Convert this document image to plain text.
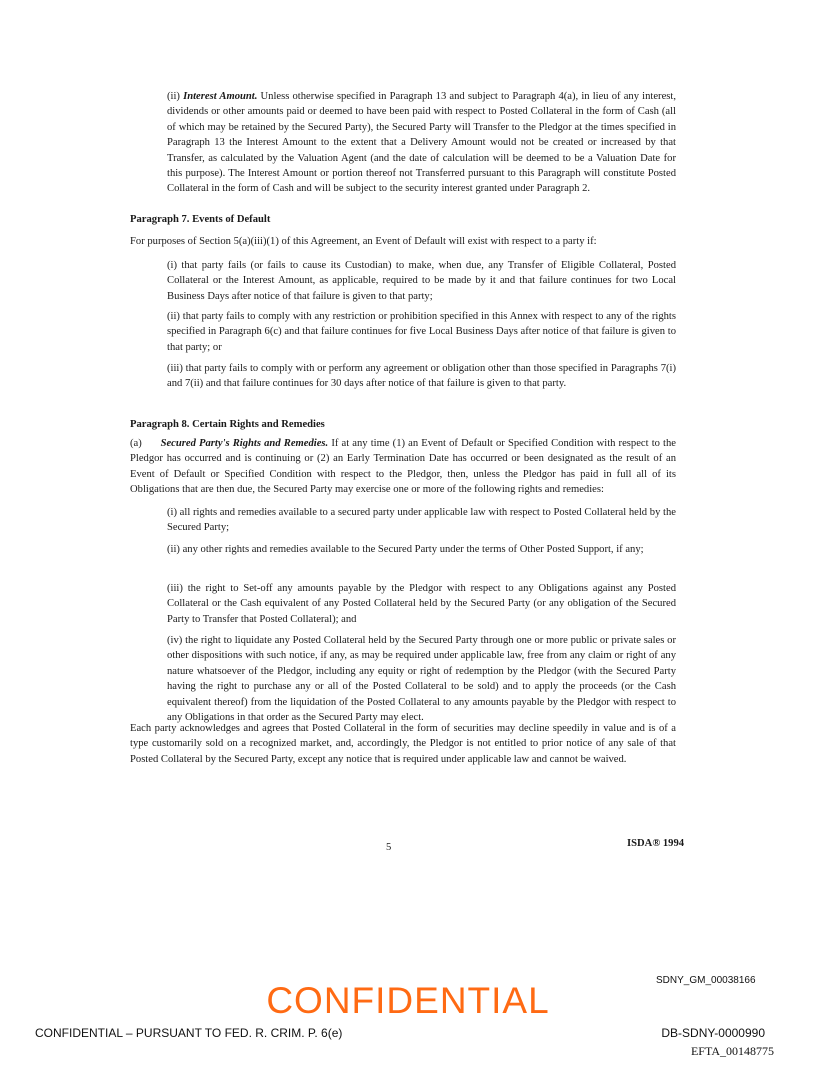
(ii) Interest Amount. Unless otherwise specified in Paragraph 13 and subject to Paragraph 4(a), in lieu of any interest, dividends or other amounts paid or deemed to have been paid with respect to Posted Collateral in the form of Cash (all of which may be retained by the Secured Party), the Secured Party will Transfer to the Pledgor at the times specified in Paragraph 13 the Interest Amount to the extent that a Delivery Amount would not be created or increased by that Transfer, as calculated by the Valuation Agent (and the date of calculation will be deemed to be a Valuation Date for this purpose). The Interest Amount or portion thereof not Transferred pursuant to this Paragraph will constitute Posted Collateral in the form of Cash and will be subject to the security interest granted under Paragraph 2.

Paragraph 7. Events of Default

For purposes of Section 5(a)(iii)(1) of this Agreement, an Event of Default will exist with respect to a party if:

(i) that party fails (or fails to cause its Custodian) to make, when due, any Transfer of Eligible Collateral, Posted Collateral or the Interest Amount, as applicable, required to be made by it and that failure continues for two Local Business Days after notice of that failure is given to that party;

(ii) that party fails to comply with any restriction or prohibition specified in this Annex with respect to any of the rights specified in Paragraph 6(c) and that failure continues for five Local Business Days after notice of that failure is given to that party; or

(iii) that party fails to comply with or perform any agreement or obligation other than those specified in Paragraphs 7(i) and 7(ii) and that failure continues for 30 days after notice of that failure is given to that party.

Paragraph 8. Certain Rights and Remedies

(a) Secured Party's Rights and Remedies. If at any time (1) an Event of Default or Specified Condition with respect to the Pledgor has occurred and is continuing or (2) an Early Termination Date has occurred or been designated as the result of an Event of Default or Specified Condition with respect to the Pledgor, then, unless the Pledgor has paid in full all of its Obligations that are then due, the Secured Party may exercise one or more of the following rights and remedies:

(i) all rights and remedies available to a secured party under applicable law with respect to Posted Collateral held by the Secured Party;

(ii) any other rights and remedies available to the Secured Party under the terms of Other Posted Support, if any;

(iii) the right to Set-off any amounts payable by the Pledgor with respect to any Obligations against any Posted Collateral or the Cash equivalent of any Posted Collateral held by the Secured Party (or any obligation of the Secured Party to Transfer that Posted Collateral); and

(iv) the right to liquidate any Posted Collateral held by the Secured Party through one or more public or private sales or other dispositions with such notice, if any, as may be required under applicable law, free from any claim or right of any nature whatsoever of the Pledgor, including any equity or right of redemption by the Pledgor (with the Secured Party having the right to purchase any or all of the Posted Collateral to be sold) and to apply the proceeds (or the Cash equivalent thereof) from the liquidation of the Posted Collateral to any amounts payable by the Pledgor with respect to any Obligations in that order as the Secured Party may elect.

Each party acknowledges and agrees that Posted Collateral in the form of securities may decline speedily in value and is of a type customarily sold on a recognized market, and, accordingly, the Pledgor is not entitled to prior notice of any sale of that Posted Collateral by the Secured Party, except any notice that is required under applicable law and cannot be waived.

5	ISDA® 1994
SDNY_GM_00038166
CONFIDENTIAL
CONFIDENTIAL – PURSUANT TO FED. R. CRIM. P. 6(e)	DB-SDNY-0000990
EFTA_00148775
